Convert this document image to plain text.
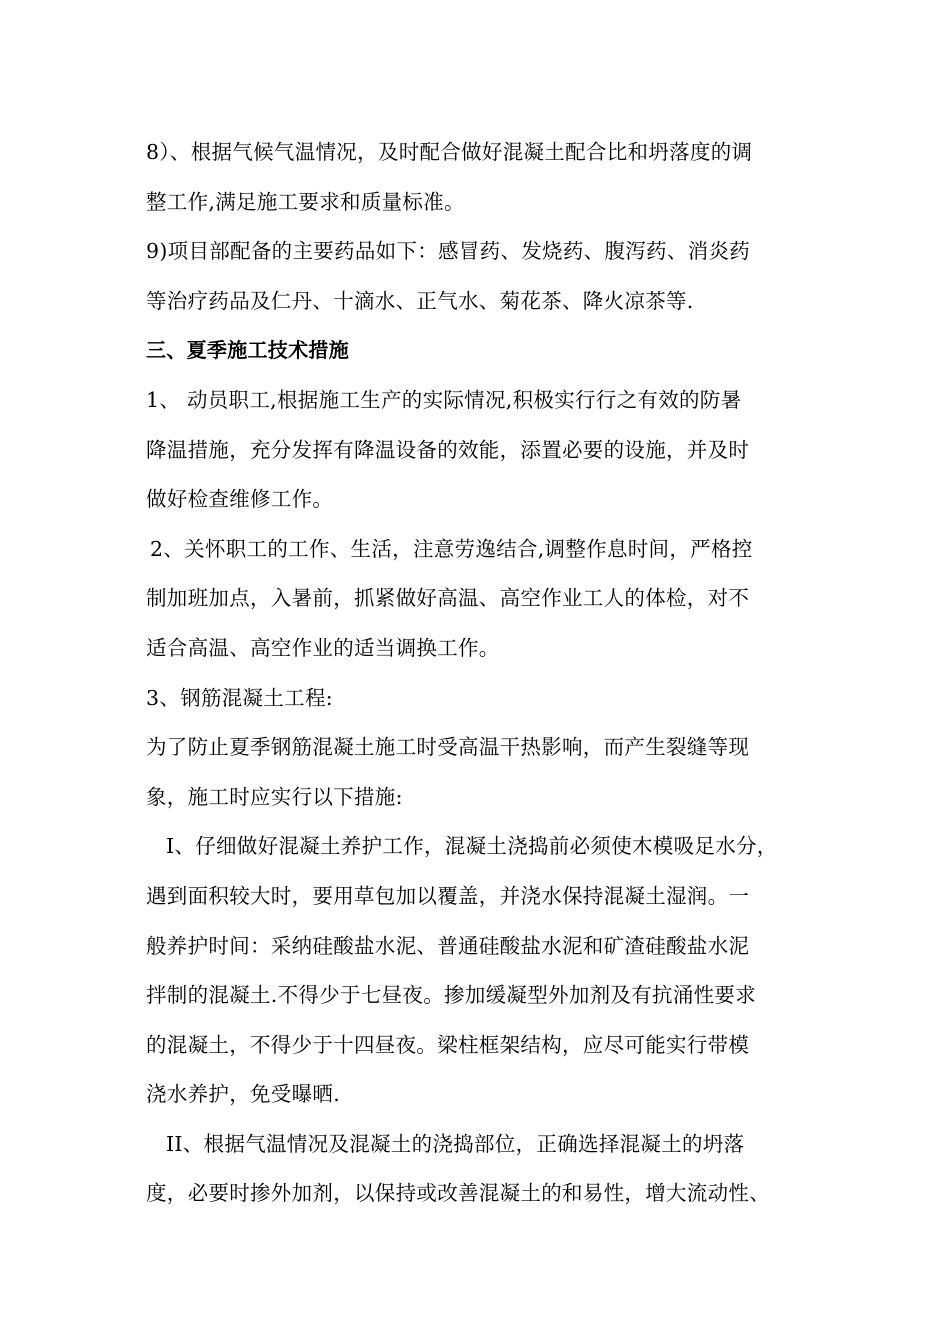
8）、根据气候气温情况，及时配合做好混凝土配合比和坍落度的调
整工作,满足施工要求和质量标准。
9)项目部配备的主要药品如下：感冒药、发烧药、腹泻药、消炎药
等治疗药品及仁丹、十滴水、正气水、菊花茶、降火凉茶等.
三、夏季施工技术措施
1、 动员职工,根据施工生产的实际情况,积极实行行之有效的防暑
降温措施，充分发挥有降温设备的效能，添置必要的设施，并及时
做好检查维修工作。
2、关怀职工的工作、生活，注意劳逸结合,调整作息时间，严格控
制加班加点，入暑前，抓紧做好高温、高空作业工人的体检，对不
适合高温、高空作业的适当调换工作。
3、钢筋混凝土工程:
为了防止夏季钢筋混凝土施工时受高温干热影响，而产生裂缝等现
象，施工时应实行以下措施:
I、仔细做好混凝土养护工作，混凝土浇捣前必须使木模吸足水分，
遇到面积较大时，要用草包加以覆盖，并浇水保持混凝土湿润。一
般养护时间：采纳硅酸盐水泥、普通硅酸盐水泥和矿渣硅酸盐水泥
拌制的混凝土.不得少于七昼夜。掺加缓凝型外加剂及有抗涌性要求
的混凝土，不得少于十四昼夜。梁柱框架结构，应尽可能实行带模
浇水养护，免受曝晒.
II、根据气温情况及混凝土的浇捣部位，正确选择混凝土的坍落
度，必要时掺外加剂，以保持或改善混凝土的和易性，增大流动性、
